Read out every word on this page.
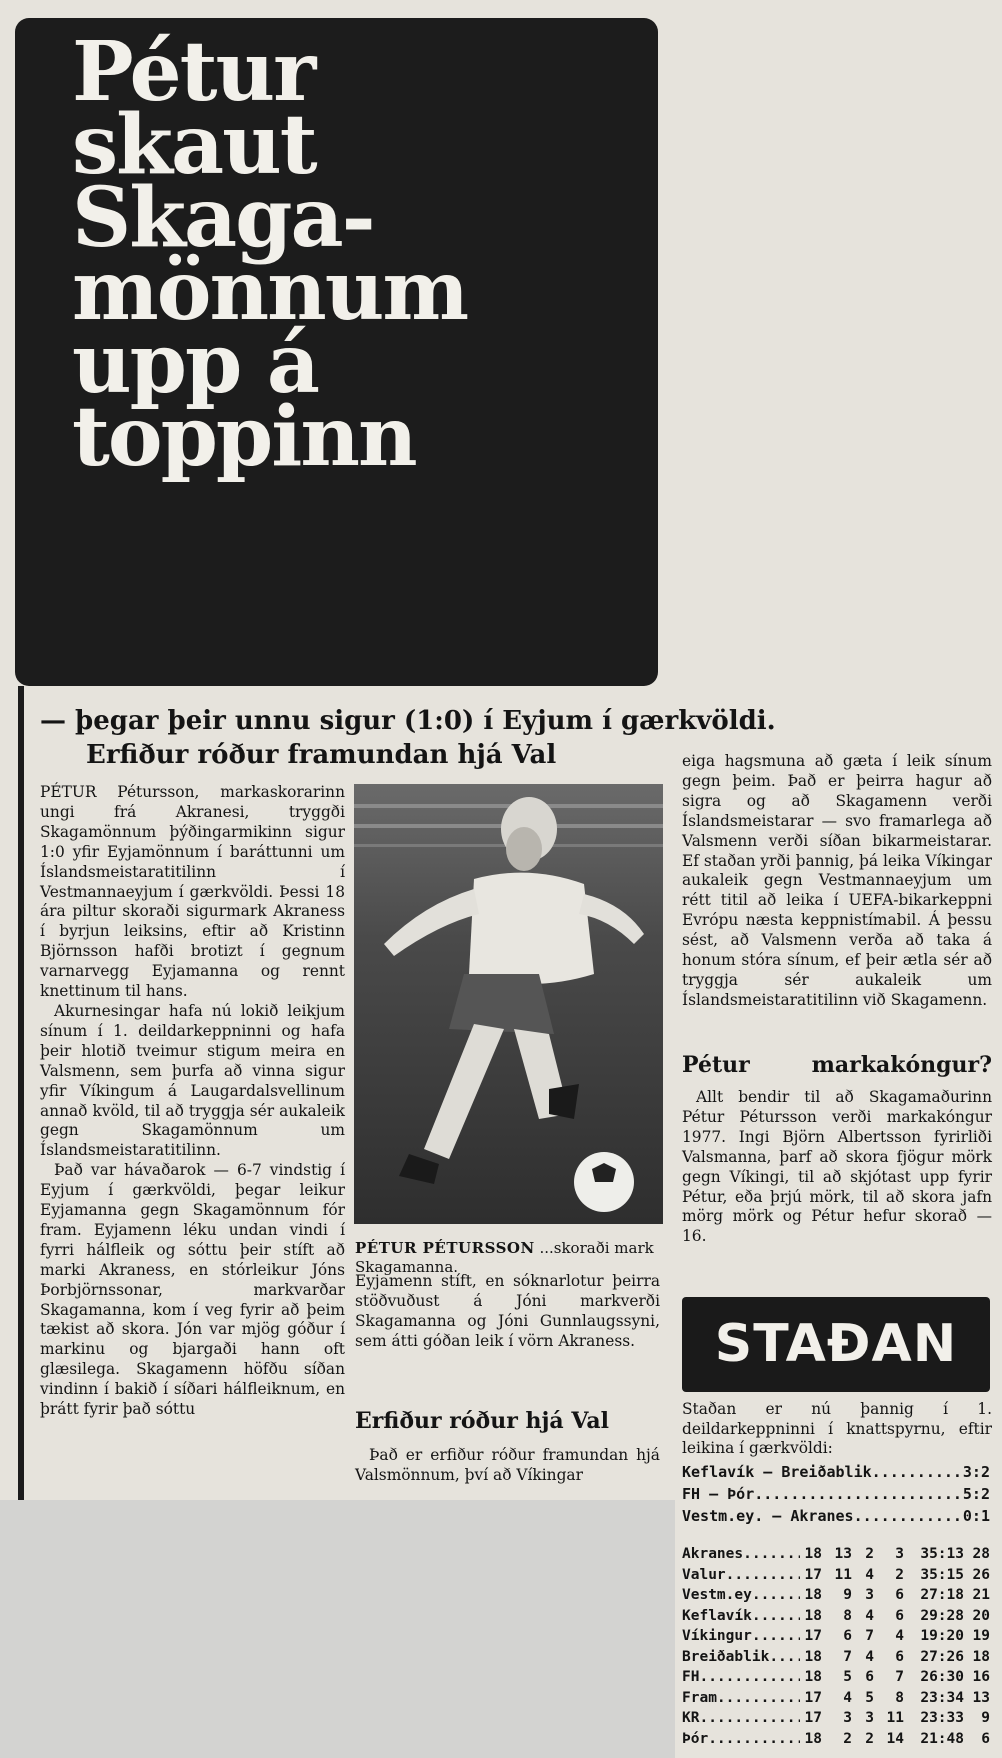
Pétur
skaut
Skaga-
mönnum
upp á
toppinn
— þegar þeir unnu sigur (1:0) í Eyjum í gærkvöldi.
Erfiður róður framundan hjá Val

PÉTUR Pétursson, markaskorarinn ungi frá Akranesi, tryggði Skagamönnum þýðingarmikinn sigur 1:0 yfir Eyjamönnum í baráttunni um Íslandsmeistaratitilinn í Vestmannaeyjum í gærkvöldi. Þessi 18 ára piltur skoraði sigurmark Akraness í byrjun leiksins, eftir að Kristinn Björnsson hafði brotizt í gegnum varnarvegg Eyjamanna og rennt knettinum til hans.

Akurnesingar hafa nú lokið leikjum sínum í 1. deildarkeppninni og hafa þeir hlotið tveimur stigum meira en Valsmenn, sem þurfa að vinna sigur yfir Víkingum á Laugardalsvellinum annað kvöld, til að tryggja sér aukaleik gegn Skagamönnum um Íslandsmeistaratitilinn.

Það var hávaðarok — 6-7 vindstig í Eyjum í gærkvöldi, þegar leikur Eyjamanna gegn Skagamönnum fór fram. Eyjamenn léku undan vindi í fyrri hálfleik og sóttu þeir stíft að marki Akraness, en stórleikur Jóns Þorbjörnssonar, markvarðar Skagamanna, kom í veg fyrir að þeim tækist að skora. Jón var mjög góður í markinu og bjargaði hann oft glæsilega. Skagamenn höfðu síðan vindinn í bakið í síðari hálfleiknum, en þrátt fyrir það sóttu

PÉTUR PÉTURSSON ...skoraði mark Skagamanna.

Eyjamenn stíft, en sóknarlotur þeirra stöðvuðust á Jóni markverði Skagamanna og Jóni Gunnlaugssyni, sem átti góðan leik í vörn Akraness.

Erfiður róður hjá Val

Það er erfiður róður framundan hjá Valsmönnum, því að Víkingar

eiga hagsmuna að gæta í leik sínum gegn þeim. Það er þeirra hagur að sigra og að Skagamenn verði Íslandsmeistarar — svo framarlega að Valsmenn verði síðan bikarmeistarar. Ef staðan yrði þannig, þá leika Víkingar aukaleik gegn Vestmannaeyjum um rétt titil að leika í UEFA-bikarkeppni Evrópu næsta keppnistímabil. Á þessu sést, að Valsmenn verða að taka á honum stóra sínum, ef þeir ætla sér að tryggja sér aukaleik um Íslandsmeistaratitilinn við Skagamenn.

Pétur	markakóngur?

Allt bendir til að Skagamaðurinn Pétur Pétursson verði markakóngur 1977. Ingi Björn Albertsson fyrirliði Valsmanna, þarf að skora fjögur mörk gegn Víkingi, til að skjótast upp fyrir Pétur, eða þrjú mörk, til að skora jafn mörg mörk og Pétur hefur skorað — 16.

STAÐAN
Staðan er nú þannig í 1. deildarkeppninni í knattspyrnu, eftir leikina í gærkvöldi:
Keflavík — Breiðablik .....	3:2
FH — Þór .....	5:2
Vestm.ey. — Akranes .....	0:1
Akranes .....	18 13 2	3	35:13 28
Valur .....	17 11 4	2	35:15 26
Vestm.ey .....	18	9 3	6	27:18 21
Keflavík .....	18	8 4	6	29:28 20
Víkingur .....	17	6 7	4	19:20 19
Breiðablik .....	18	7 4	6	27:26 18
FH .....	18	5 6	7	26:30 16
Fram .....	17	4 5	8	23:34 13
KR .....	17	3 3 11	23:33	9
Þór .....	18	2 2 14	21:48	6
